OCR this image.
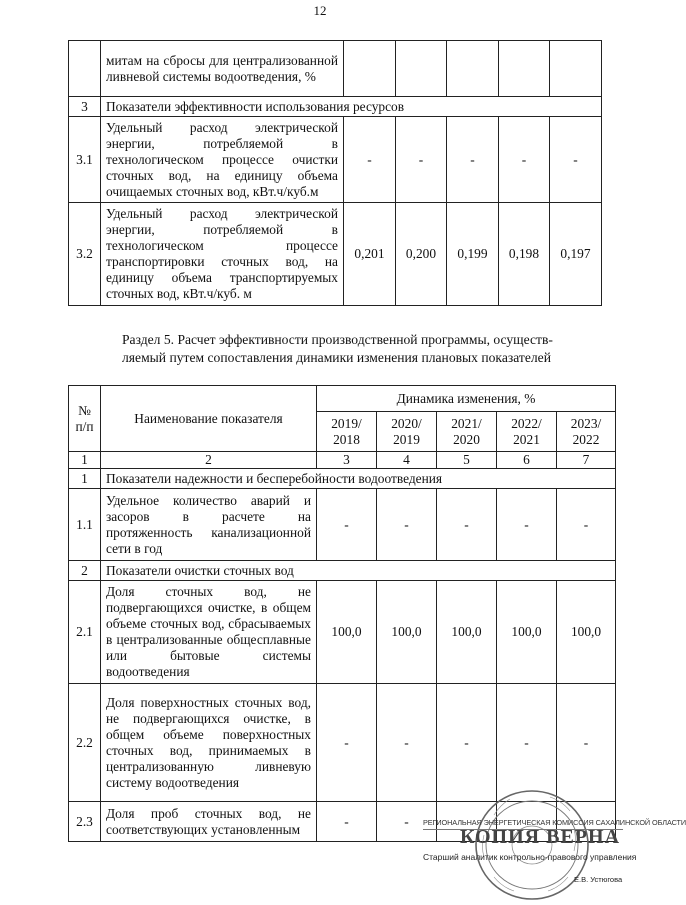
12
	митам на сбросы для централизованной ливневой системы водоотведения, %					
3	Показатели эффективности использования ресурсов					
3.1	Удельный расход электрической энергии, потребляемой в технологическом процессе очистки сточных вод, на единицу объема очищаемых сточных вод, кВт.ч/куб.м	-	-	-	-	-
3.2	Удельный расход электрической энергии, потребляемой в технологическом процессе транспортировки сточных вод, на единицу объема транспортируемых сточных вод, кВт.ч/куб. м	0,201	0,200	0,199	0,198	0,197
Раздел 5. Расчет эффективности производственной программы, осуществ-
ляемый путем сопоставления динамики изменения плановых показателей
№ п/п	Наименование показателя	Динамика изменения, %				
		2019/ 2018	2020/ 2019	2021/ 2020	2022/ 2021	2023/ 2022
1	2	3	4	5	6	7
1	Показатели надежности и бесперебойности водоотведения					
1.1	Удельное количество аварий и засоров в расчете на протяженность канализационной сети в год	-	-	-	-	-
2	Показатели очистки сточных вод					
2.1	Доля сточных вод, не подвергающихся очистке, в общем объеме сточных вод, сбрасываемых в централизованные общесплавные или бытовые системы водоотведения	100,0	100,0	100,0	100,0	100,0
2.2	Доля поверхностных сточных вод, не подвергающихся очистке, в общем объеме поверхностных сточных вод, принимаемых в централизованную ливневую систему водоотведения	-	-	-	-	-
2.3	Доля проб сточных вод, не соответствующих установленным	-	-			РЕГИОНАЛЬНАЯ ЭНЕРГЕТИЧЕСКАЯ КОМИССИЯ САХАЛИНСКОЙ ОБЛАСТИ
КОПИЯ ВЕРНА
Старший аналитик контрольно-правового управления
Е.В. Устюгова
